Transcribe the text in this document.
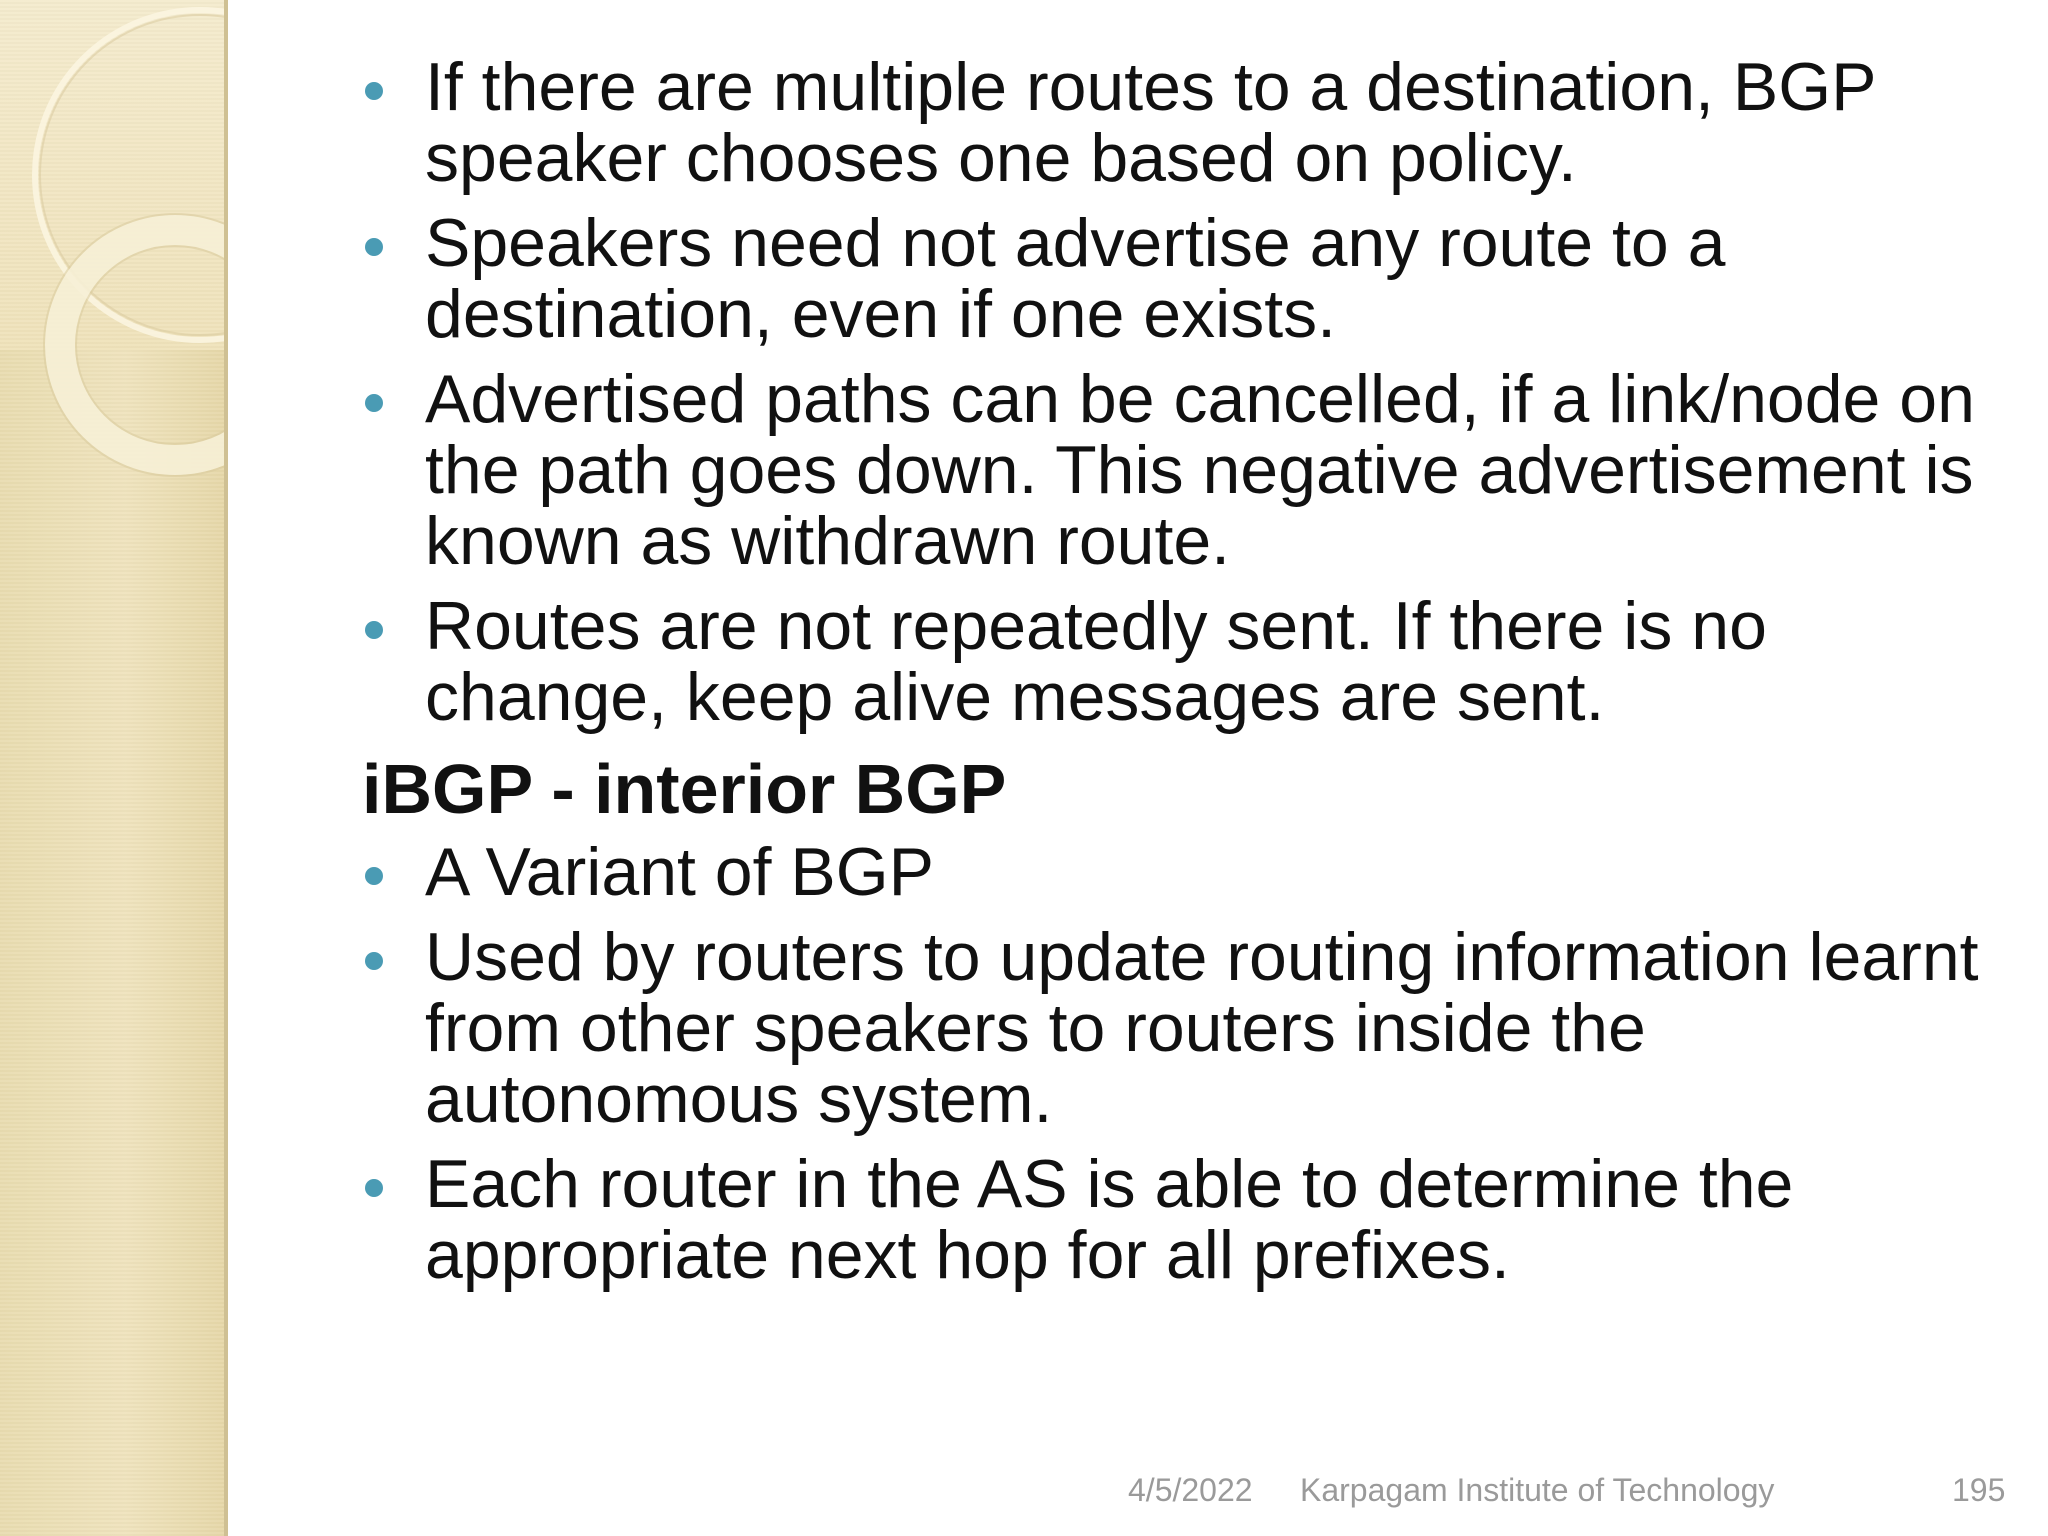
If there are multiple routes to a destination, BGP speaker chooses one based on policy.
Speakers need not advertise any route to a destination, even if one exists.
Advertised paths can be cancelled, if a link/node on the path goes down. This negative advertisement is known as withdrawn route.
Routes are not repeatedly sent. If there is no change, keep alive messages are sent.
iBGP - interior BGP
A Variant of BGP
Used by routers to update routing information learnt from other speakers to routers inside the autonomous system.
Each router in the AS is able to determine the appropriate next hop for all prefixes.
4/5/2022 Karpagam Institute of Technology	195
